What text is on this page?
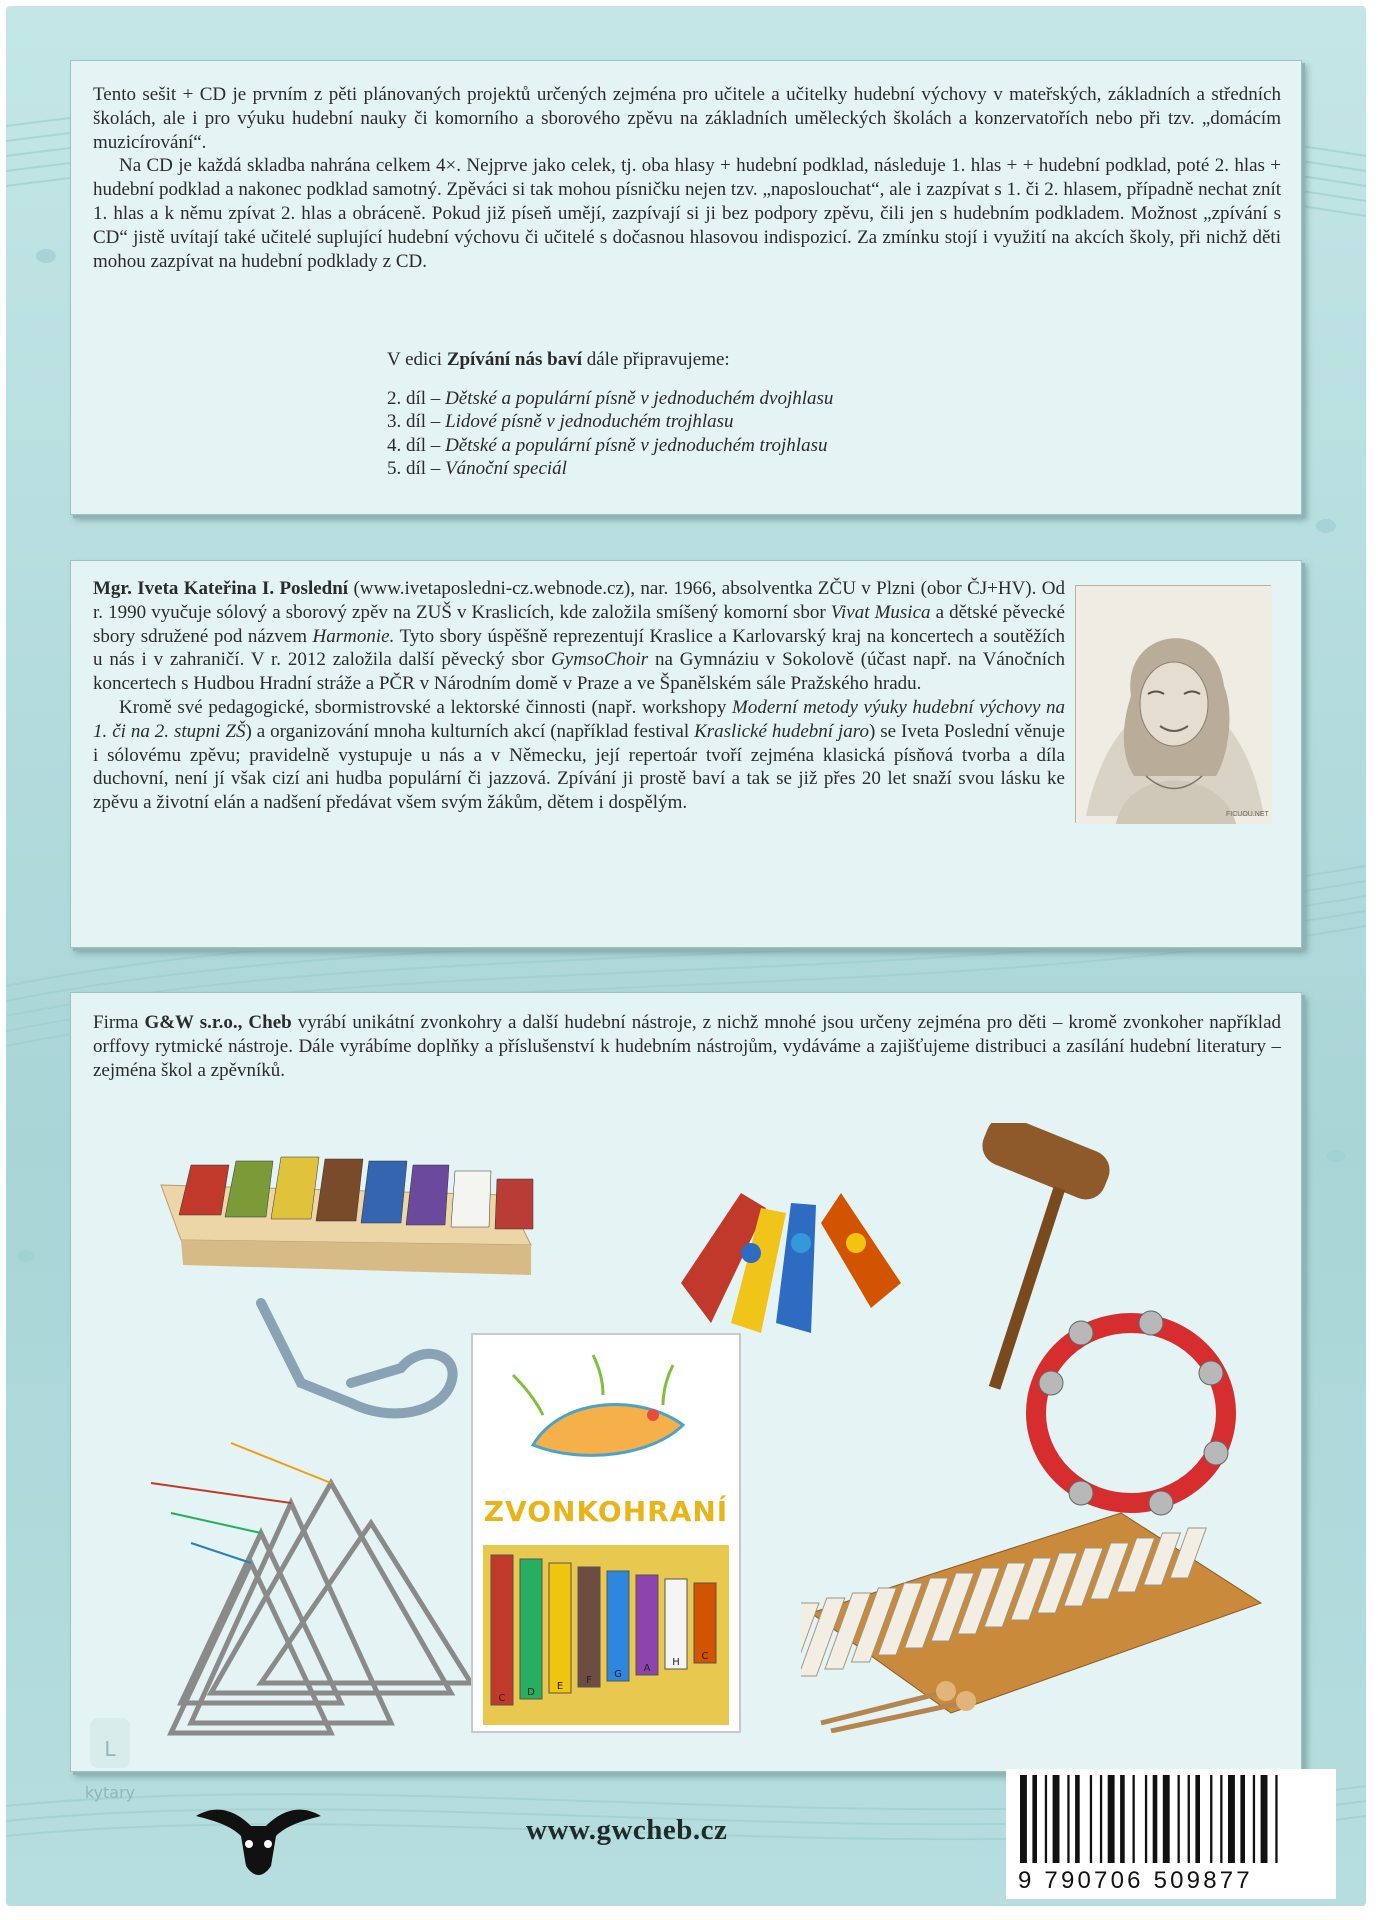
Tento sešit + CD je prvním z pěti plánovaných projektů určených zejména pro učitele a učitelky hudební výchovy v mateřských, základních a středních školách, ale i pro výuku hudební nauky či komorního a sborového zpěvu na základních uměleckých školách a konzervatořích nebo při tzv. „domácím muzicírování“.

Na CD je každá skladba nahrána celkem 4×. Nejprve jako celek, tj. oba hlasy + hudební podklad, následuje 1. hlas + + hudební podklad, poté 2. hlas + hudební podklad a nakonec podklad samotný. Zpěváci si tak mohou písničku nejen tzv. „naposlouchat“, ale i zazpívat s 1. či 2. hlasem, případně nechat znít 1. hlas a k němu zpívat 2. hlas a obráceně. Pokud již píseň umějí, zazpívají si ji bez podpory zpěvu, čili jen s hudebním podkladem. Možnost „zpívání s CD“ jistě uvítají také učitelé suplující hudební výchovu či učitelé s dočasnou hlasovou indispozicí. Za zmínku stojí i využití na akcích školy, při nichž děti mohou zazpívat na hudební podklady z CD.

V edici Zpívání nás baví dále připravujeme:
2. díl – Dětské a populární písně v jednoduchém dvojhlasu
3. díl – Lidové písně v jednoduchém trojhlasu
4. díl – Dětské a populární písně v jednoduchém trojhlasu
5. díl – Vánoční speciál

Mgr. Iveta Kateřina I. Poslední (www.ivetaposledni-cz.webnode.cz), nar. 1966, absolventka ZČU v Plzni (obor ČJ+HV). Od r. 1990 vyučuje sólový a sborový zpěv na ZUŠ v Kraslicích, kde založila smíšený komorní sbor Vivat Musica a dětské pěvecké sbory sdružené pod názvem Harmonie. Tyto sbory úspěšně reprezentují Kraslice a Karlovarský kraj na koncertech a soutěžích u nás i v zahraničí. V r. 2012 založila další pěvecký sbor GymsoChoir na Gymnáziu v Sokolově (účast např. na Vánočních koncertech s Hudbou Hradní stráže a PČR v Národním domě v Praze a ve Španělském sále Pražského hradu.

Kromě své pedagogické, sbormistrovské a lektorské činnosti (např. workshopy Moderní metody výuky hudební výchovy na 1. či na 2. stupni ZŠ) a organizování mnoha kulturních akcí (například festival Kraslické hudební jaro) se Iveta Poslední věnuje i sólovému zpěvu; pravidelně vystupuje u nás a v Německu, její repertoár tvoří zejména klasická písňová tvorba a díla duchovní, není jí však cizí ani hudba populární či jazzová. Zpívání ji prostě baví a tak se již přes 20 let snaží svou lásku ke zpěvu a životní elán a nadšení předávat všem svým žákům, dětem i dospělým.

FICUOU.NET

Firma G&W s.r.o., Cheb vyrábí unikátní zvonkohry a další hudební nástroje, z nichž mnohé jsou určeny zejména pro děti – kromě zvonkoher například orffovy rytmické nástroje. Dále vyrábíme doplňky a příslušenství k hudebním nástrojům, vydáváme a zajišťujeme distribuci a zasílání hudební literatury – zejména škol a zpěvníků.

ZVONKOHRANÍ
C
D
E
F
G
A
H
C
L
kytary
www.gwcheb.cz
9 790706 509877
